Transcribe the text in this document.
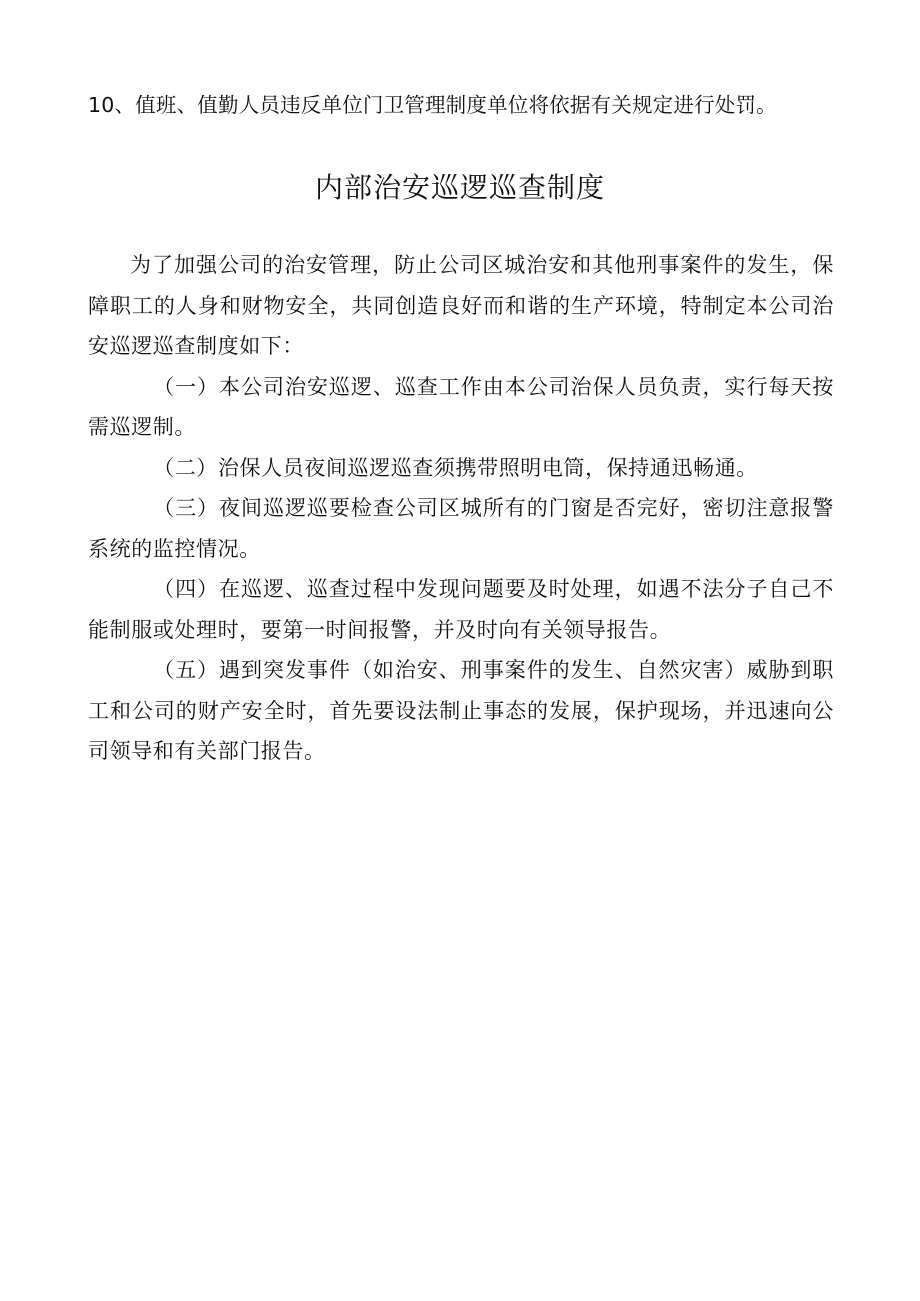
10、值班、值勤人员违反单位门卫管理制度单位将依据有关规定进行处罚。
内部治安巡逻巡查制度

为了加强公司的治安管理，防止公司区城治安和其他刑事案件的发生，保障职工的人身和财物安全，共同创造良好而和谐的生产环境，特制定本公司治安巡逻巡查制度如下：

（一）本公司治安巡逻、巡查工作由本公司治保人员负责，实行每天按需巡逻制。

（二）治保人员夜间巡逻巡查须携带照明电筒，保持通迅畅通。

（三）夜间巡逻巡要检查公司区城所有的门窗是否完好，密切注意报警系统的监控情况。

（四）在巡逻、巡查过程中发现问题要及时处理，如遇不法分子自己不能制服或处理时，要第一时间报警，并及时向有关领导报告。

（五）遇到突发事件（如治安、刑事案件的发生、自然灾害）威胁到职工和公司的财产安全时，首先要设法制止事态的发展，保护现场，并迅速向公司领导和有关部门报告。
